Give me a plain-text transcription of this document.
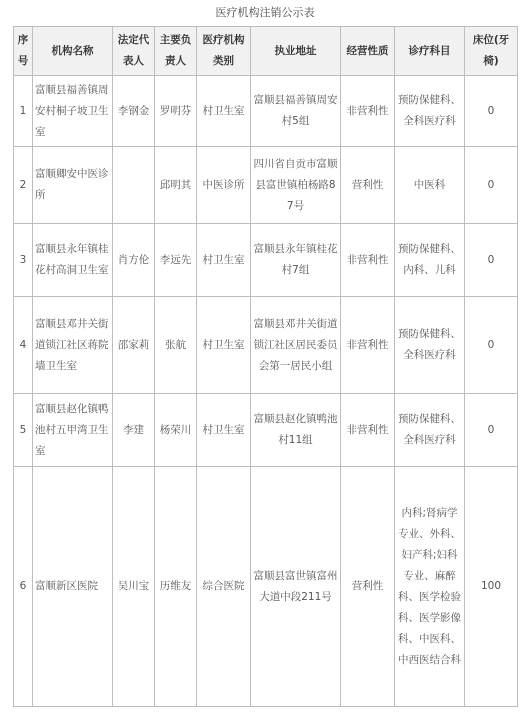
医疗机构注销公示表
序号	机构名称	法定代表人	主要负责人	医疗机构类别	执业地址	经营性质	诊疗科目	床位(牙椅)
1	富顺县福善镇周安村桐子坡卫生室	李钢金	罗明芬	村卫生室	富顺县福善镇周安村5组	非营利性	预防保健科、全科医疗科	0
2	富顺卿安中医诊所		邱明其	中医诊所	四川省自贡市富顺县富世镇柏杨路87号	营利性	中医科	0
3	富顺县永年镇桂花村高洞卫生室	肖方伦	李远先	村卫生室	富顺县永年镇桂花村7组	非营利性	预防保健科、内科、儿科	0
4	富顺县邓井关街道锁江社区蒋院墙卫生室	邵家莉	张航	村卫生室	富顺县邓井关街道锁江社区居民委员会第一居民小组	非营利性	预防保健科、全科医疗科	0
5	富顺县赵化镇鸭池村五甲湾卫生室	李建	杨荣川	村卫生室	富顺县赵化镇鸭池村11组	非营利性	预防保健科、全科医疗科	0
6	富顺新区医院	吴川宝	历维友	综合医院	富顺县富世镇富州大道中段211号	营利性	内科;肾病学专业、外科、妇产科;妇科专业、麻醉科、医学检验科、医学影像科、中医科、中西医结合科	100
